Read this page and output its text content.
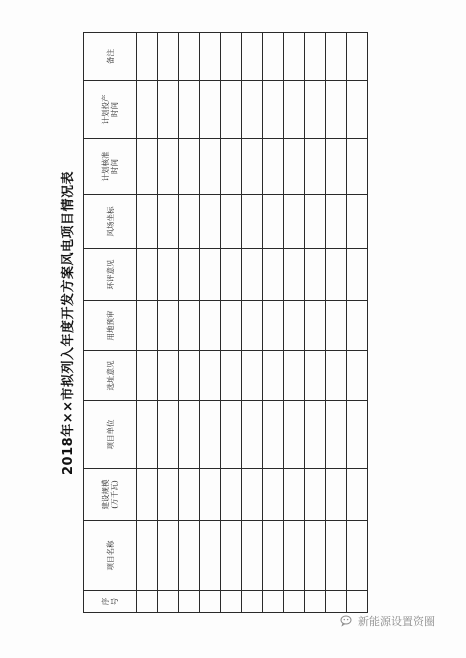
2018年××市拟列入年度开发方案风电项目情况表
序 号	项目名称	建设规模 (万千瓦)	项目单位	选址意见	用地预审	环评意见	风场坐标	计划核准 时间	计划投产 时间	备注

新能源设置资圈
